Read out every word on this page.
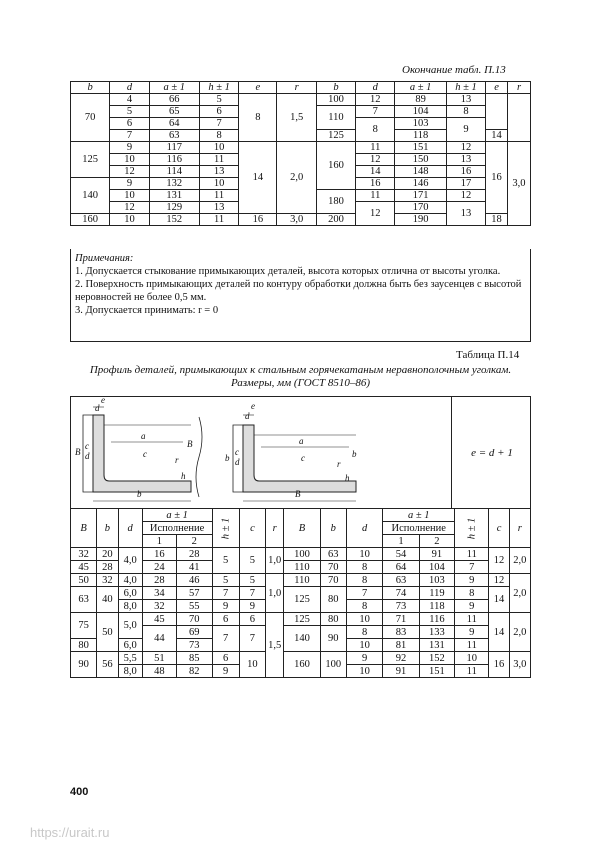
Окончание табл. П.13
b	d	a ± 1	h ± 1	e	r	b	d	a ± 1	h ± 1	e	r
70	4	66	5	8	1,5	100	12	89	13		
	5	65	6			110	7	104	8		
	6	64	7				8	103	9		
	7	63	8			125		118		14	
125	9	117	10	14	2,0	160	11	151	12	16	3,0
	10	116	11				12	150	13		
	12	114	13				14	148	16		
140	9	132	10				16	146	17		
	10	131	11			180	11	171	12		
	12	129	13				12	170	13		
160	10	152	11	16	3,0	200		190		18	
Примечания:
1. Допускается стыкование примыкающих деталей, высота которых отлична от высоты уголка.
2. Поверхность примыкающих деталей по контуру обработки должна быть без заусенцев с высотой неровностей не более 0,5 мм.
3. Допускается принимать: r = 0
Таблица П.14
Профиль деталей, примыкающих к стальным горячекатаным неравнополочным уголкам. Размеры, мм (ГОСТ 8510–86)
e
d
B d
c
a
c
B
r
h
b
e
d
b d
c
a
c	b
r
h
B
e = d + 1
B	b	d	a ± 1		h ± 1	c	r	B	b	d	a ± 1		h ± 1	c	r
			Исполнение								Исполнение				
			1	2							1	2			
32	20	4,0	16	28	5	5	1,0	100	63	10	54	91	11	12	2,0
45	28		24	41				110	70	8	64	104	7		
50	32	4,0	28	46	5	5	1,0	110	70	8	63	103	9	12	2,0
63	40	6,0	34	57	7	7		125	80	7	74	119	8	14	
		8,0	32	55	9	9				8	73	118	9		
75	50	5,0	45	70	6	6	1,5	125	80	10	71	116	11	14	2,0
			44	69	7	7		140	90	8	83	133	9		
80		6,0		73						10	81	131	11		
90	56	5,5	51	85	6	10		160	100	9	92	152	10	16	3,0
		8,0	48	82	9					10	91	151	11		
400
https://urait.ru
